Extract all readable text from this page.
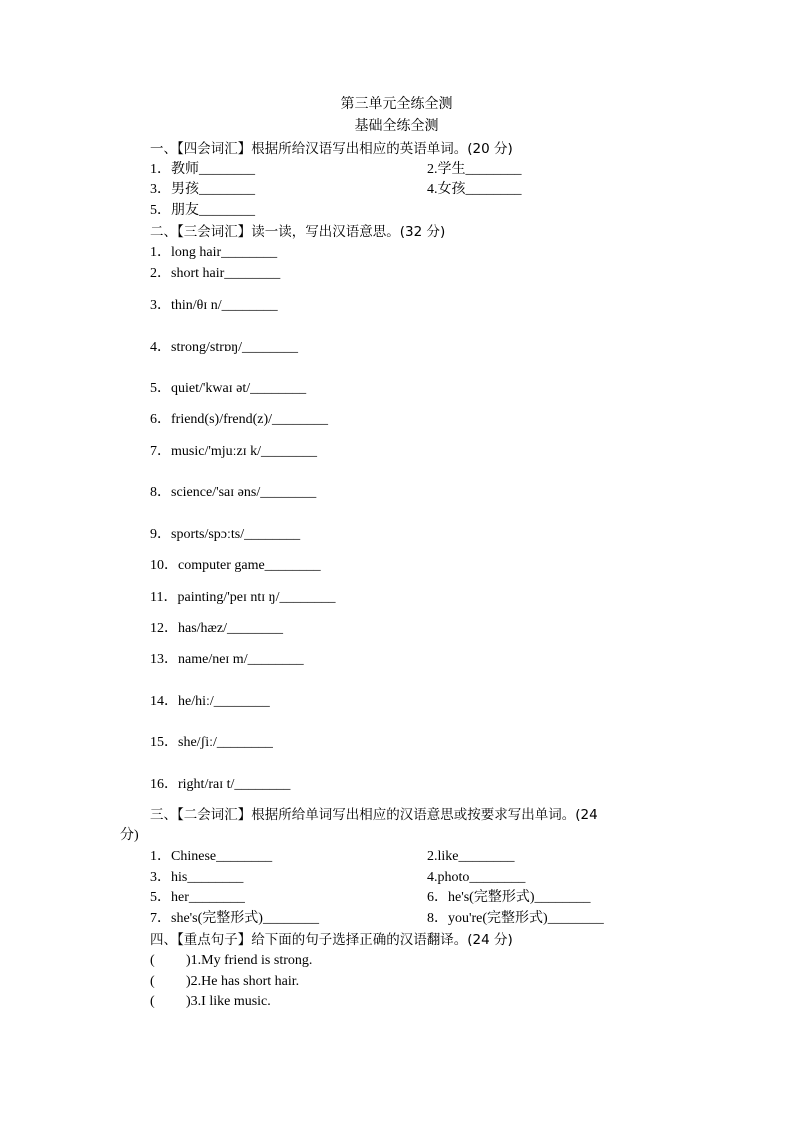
第三单元全练全测
基础全练全测
一、【四会词汇】根据所给汉语写出相应的英语单词。(20 分)
1．教师________	2.学生________
3．男孩________	4.女孩________
5．朋友________
二、【三会词汇】读一读，写出汉语意思。(32 分)
1．long hair________
2．short hair________
3．thin/θɪ n/________
4．strong/strɒŋ/________
5．quiet/'kwaɪ ət/________
6．friend(s)/frend(z)/________
7．music/'mjuːzɪ k/________
8．science/'saɪ əns/________
9．sports/spɔːts/________
10．computer game________
11．painting/'peɪ ntɪ ŋ/________
12．has/hæz/________
13．name/neɪ m/________
14．he/hiː/________
15．she/ʃiː/________
16．right/raɪ t/________
三、【二会词汇】根据所给单词写出相应的汉语意思或按要求写出单词。(24
分)
1．Chinese________	2.like________
3．his________	4.photo________
5．her________	6．he's(完整形式)________
7．she's(完整形式)________	8．you're(完整形式)________
四、【重点句子】给下面的句子选择正确的汉语翻译。(24 分)
( )1.My friend is strong.
( )2.He has short hair.
( )3.I like music.
